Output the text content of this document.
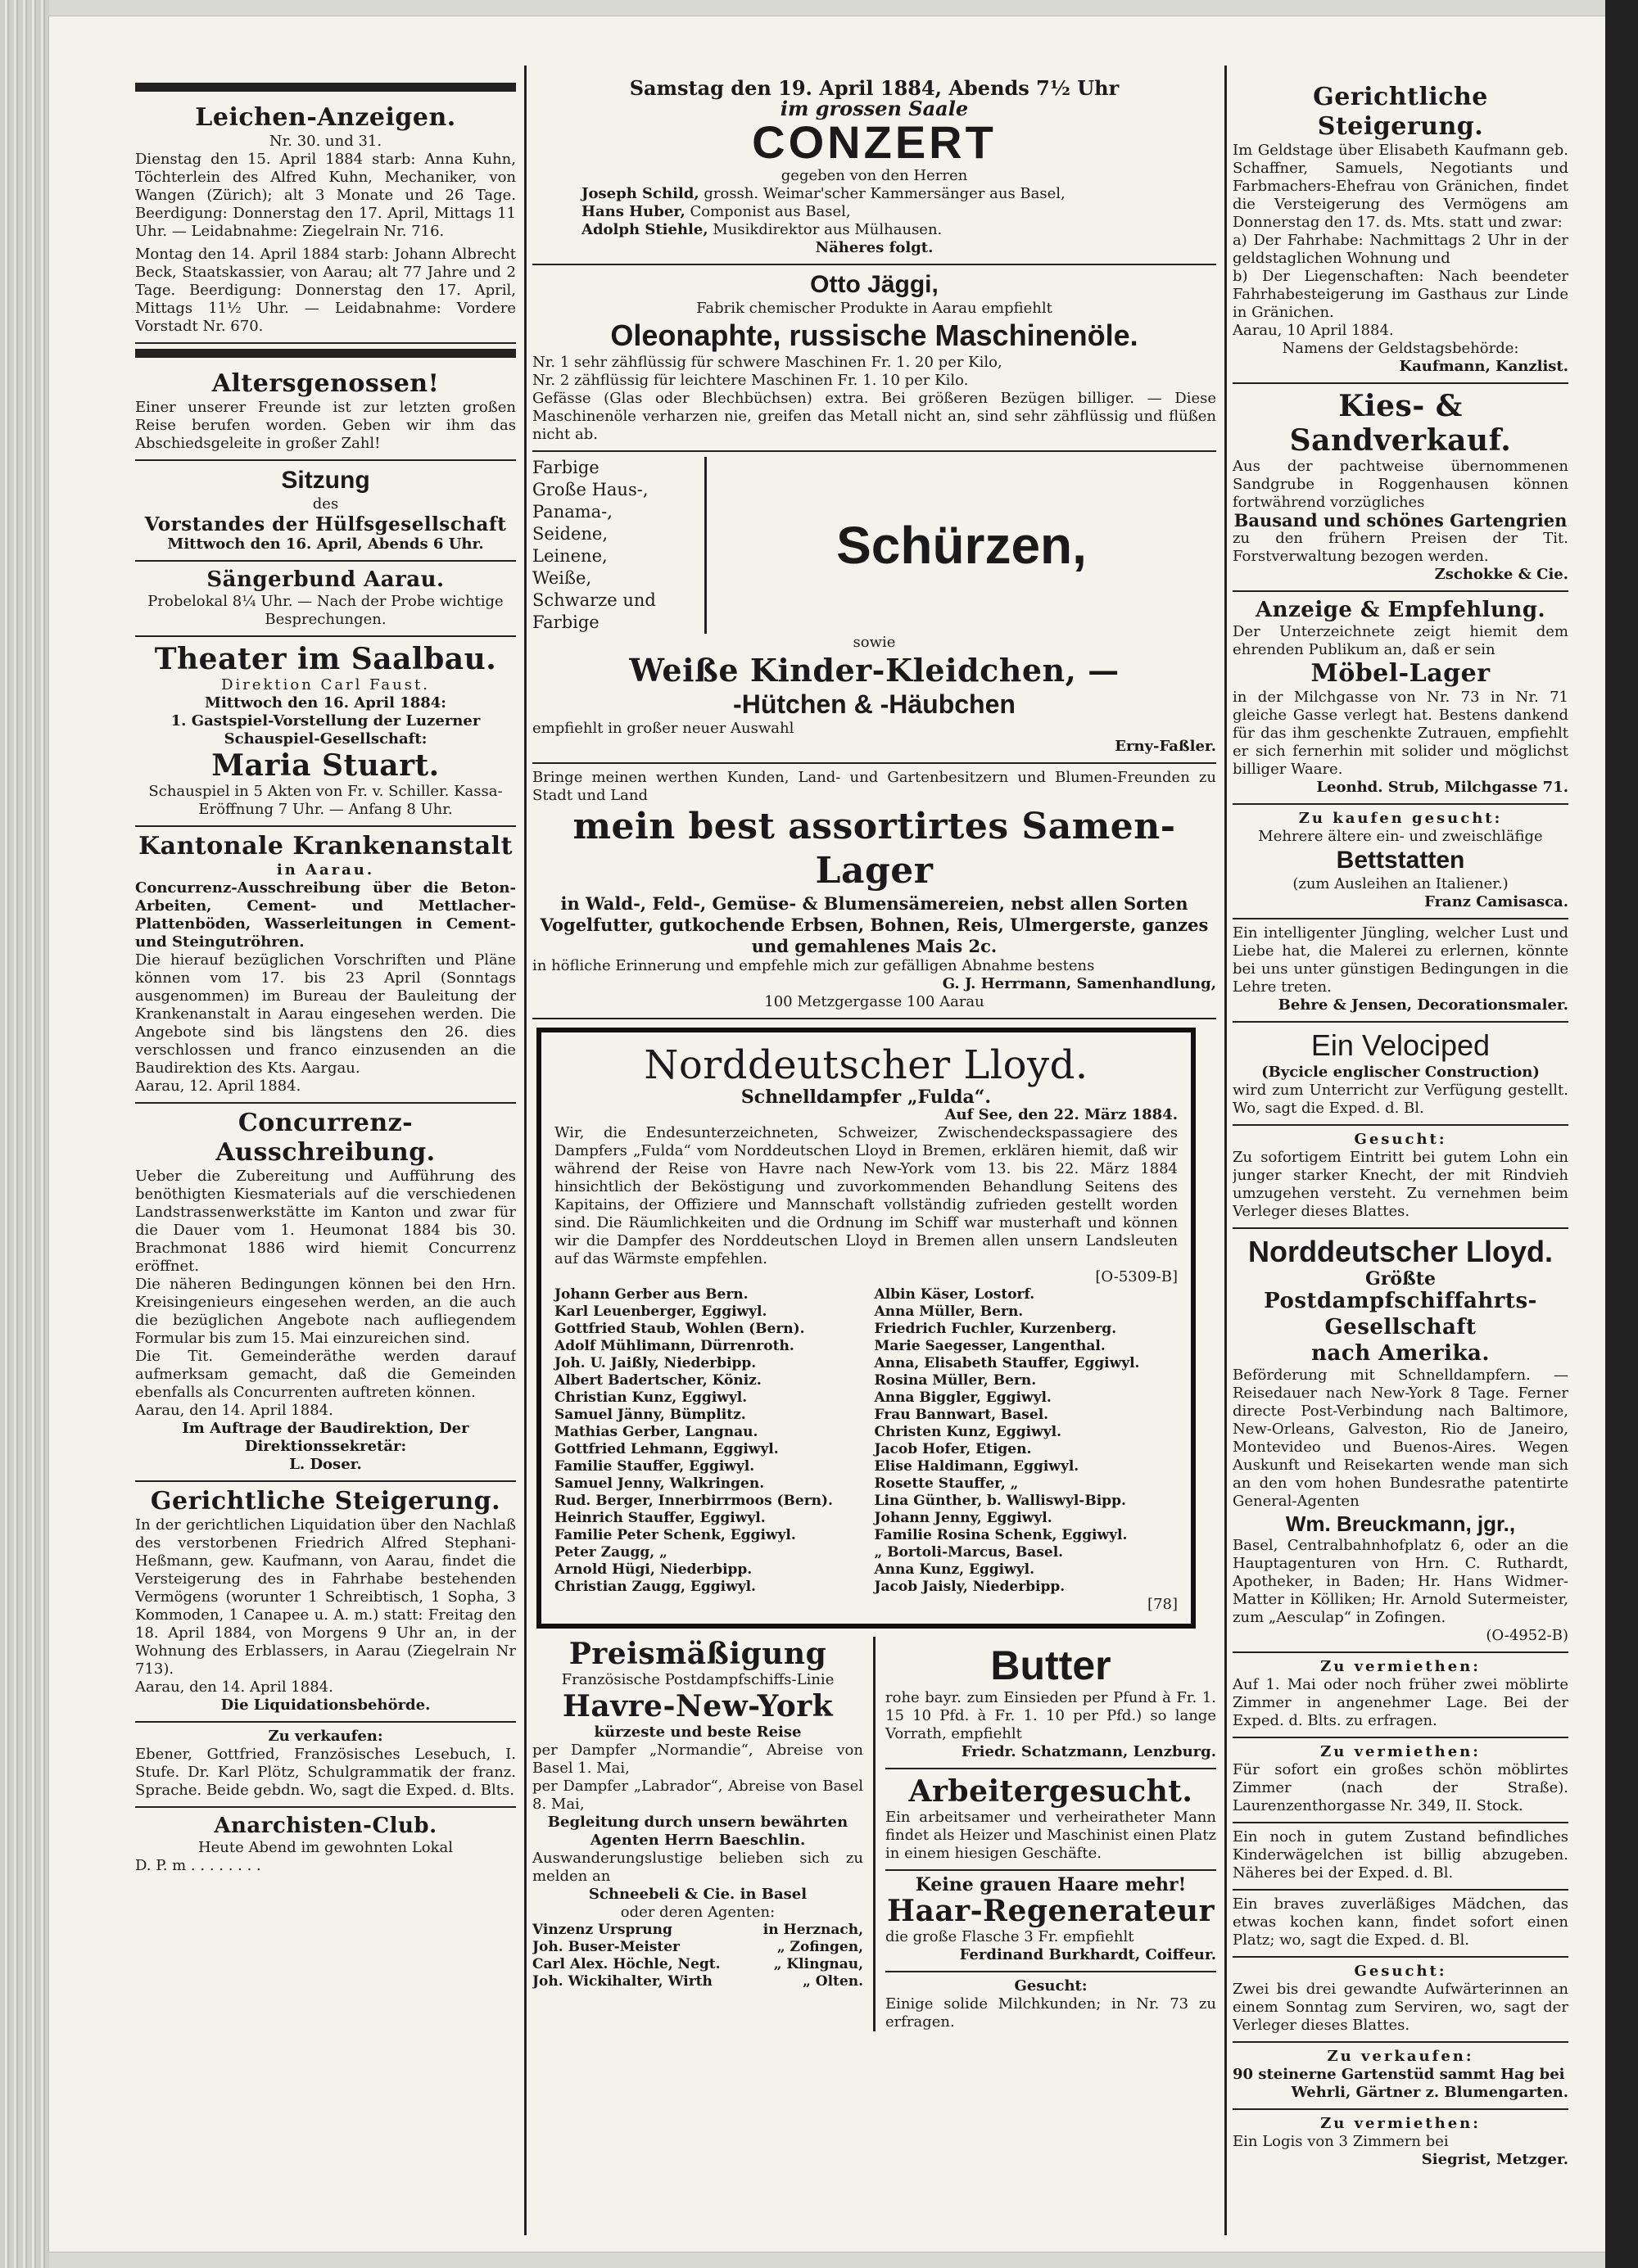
Leichen-Anzeigen.

Nr. 30. und 31.

Dienstag den 15. April 1884 starb: Anna Kuhn, Töchterlein des Alfred Kuhn, Mechaniker, von Wangen (Zürich); alt 3 Monate und 26 Tage. Beerdigung: Donnerstag den 17. April, Mittags 11 Uhr. — Leidabnahme: Ziegelrain Nr. 716.

Montag den 14. April 1884 starb: Johann Albrecht Beck, Staatskassier, von Aarau; alt 77 Jahre und 2 Tage. Beerdigung: Donnerstag den 17. April, Mittags 11½ Uhr. — Leidabnahme: Vordere Vorstadt Nr. 670.

Altersgenossen!

Einer unserer Freunde ist zur letzten großen Reise berufen worden. Geben wir ihm das Abschiedsgeleite in großer Zahl!

Sitzung

des

Vorstandes der Hülfsgesellschaft

Mittwoch den 16. April, Abends 6 Uhr.

Sängerbund Aarau.

Probelokal 8¼ Uhr. — Nach der Probe wichtige Besprechungen.

Theater im Saalbau.

Direktion Carl Faust.

Mittwoch den 16. April 1884:

1. Gastspiel-Vorstellung der Luzerner Schauspiel-Gesellschaft:

Maria Stuart.

Schauspiel in 5 Akten von Fr. v. Schiller. Kassa-Eröffnung 7 Uhr. — Anfang 8 Uhr.

Kantonale Krankenanstalt

in Aarau.

Concurrenz-Ausschreibung über die Beton-Arbeiten, Cement- und Mettlacher-Plattenböden, Wasserleitungen in Cement- und Steingutröhren.

Die hierauf bezüglichen Vorschriften und Pläne können vom 17. bis 23 April (Sonntags ausgenommen) im Bureau der Bauleitung der Krankenanstalt in Aarau eingesehen werden. Die Angebote sind bis längstens den 26. dies verschlossen und franco einzusenden an die Baudirektion des Kts. Aargau.

Aarau, 12. April 1884.

Concurrenz-Ausschreibung.

Ueber die Zubereitung und Aufführung des benöthigten Kiesmaterials auf die verschiedenen Landstrassenwerkstätte im Kanton und zwar für die Dauer vom 1. Heumonat 1884 bis 30. Brachmonat 1886 wird hiemit Concurrenz eröffnet.

Die näheren Bedingungen können bei den Hrn. Kreisingenieurs eingesehen werden, an die auch die bezüglichen Angebote nach aufliegendem Formular bis zum 15. Mai einzureichen sind.

Die Tit. Gemeinderäthe werden darauf aufmerksam gemacht, daß die Gemeinden ebenfalls als Concurrenten auftreten können.

Aarau, den 14. April 1884.

Im Auftrage der Baudirektion, Der Direktionssekretär:

L. Doser.

Gerichtliche Steigerung.

In der gerichtlichen Liquidation über den Nachlaß des verstorbenen Friedrich Alfred Stephani-Heßmann, gew. Kaufmann, von Aarau, findet die Versteigerung des in Fahrhabe bestehenden Vermögens (worunter 1 Schreibtisch, 1 Sopha, 3 Kommoden, 1 Canapee u. A. m.) statt: Freitag den 18. April 1884, von Morgens 9 Uhr an, in der Wohnung des Erblassers, in Aarau (Ziegelrain Nr 713).

Aarau, den 14. April 1884.

Die Liquidationsbehörde.

Zu verkaufen:

Ebener, Gottfried, Französisches Lesebuch, I. Stufe. Dr. Karl Plötz, Schulgrammatik der franz. Sprache. Beide gebdn. Wo, sagt die Exped. d. Blts.

Anarchisten-Club.

Heute Abend im gewohnten Lokal

D. P. m . . . . . . . .

Samstag den 19. April 1884, Abends 7½ Uhr

im grossen Saale

CONZERT

gegeben von den Herren

Joseph Schild, grossh. Weimar'scher Kammersänger aus Basel,

Hans Huber, Componist aus Basel,

Adolph Stiehle, Musikdirektor aus Mülhausen.

Näheres folgt.

Otto Jäggi,

Fabrik chemischer Produkte in Aarau empfiehlt

Oleonaphte, russische Maschinenöle.

Nr. 1 sehr zähflüssig für schwere Maschinen Fr. 1. 20 per Kilo,

Nr. 2 zähflüssig für leichtere Maschinen Fr. 1. 10 per Kilo.

Gefässe (Glas oder Blechbüchsen) extra. Bei größeren Bezügen billiger. — Diese Maschinenöle verharzen nie, greifen das Metall nicht an, sind sehr zähflüssig und flüßen nicht ab.

Farbige
Große Haus-,
Panama-,
Seidene,
Leinene,
Weiße,
Schwarze und
Farbige
Schürzen,

sowie

Weiße Kinder-Kleidchen, —
-Hütchen & -Häubchen

empfiehlt in großer neuer Auswahl

Erny-Faßler.

Bringe meinen werthen Kunden, Land- und Gartenbesitzern und Blumen-Freunden zu Stadt und Land

mein best assortirtes Samen-Lager

in Wald-, Feld-, Gemüse- & Blumensämereien, nebst allen Sorten Vogelfutter, gutkochende Erbsen, Bohnen, Reis, Ulmergerste, ganzes und gemahlenes Mais 2c.

in höfliche Erinnerung und empfehle mich zur gefälligen Abnahme bestens

G. J. Herrmann, Samenhandlung,

100 Metzgergasse 100 Aarau

Norddeutscher Lloyd.

Schnelldampfer „Fulda“.

Auf See, den 22. März 1884.

Wir, die Endesunterzeichneten, Schweizer, Zwischendeckspassagiere des Dampfers „Fulda“ vom Norddeutschen Lloyd in Bremen, erklären hiemit, daß wir während der Reise von Havre nach New-York vom 13. bis 22. März 1884 hinsichtlich der Beköstigung und zuvorkommenden Behandlung Seitens des Kapitains, der Offiziere und Mannschaft vollständig zufrieden gestellt worden sind. Die Räumlichkeiten und die Ordnung im Schiff war musterhaft und können wir die Dampfer des Norddeutschen Lloyd in Bremen allen unsern Landsleuten auf das Wärmste empfehlen.

[O-5309-B]

Johann Gerber aus Bern.
Karl Leuenberger, Eggiwyl.
Gottfried Staub, Wohlen (Bern).
Adolf Mühlimann, Dürrenroth.
Joh. U. Jaißly, Niederbipp.
Albert Badertscher, Köniz.
Christian Kunz, Eggiwyl.
Samuel Jänny, Bümplitz.
Mathias Gerber, Langnau.
Gottfried Lehmann, Eggiwyl.
Familie Stauffer, Eggiwyl.
Samuel Jenny, Walkringen.
Rud. Berger, Innerbirrmoos (Bern).
Heinrich Stauffer, Eggiwyl.
Familie Peter Schenk, Eggiwyl.
Peter Zaugg, „
Arnold Hügi, Niederbipp.
Christian Zaugg, Eggiwyl.
Albin Käser, Lostorf.
Anna Müller, Bern.
Friedrich Fuchler, Kurzenberg.
Marie Saegesser, Langenthal.
Anna, Elisabeth Stauffer, Eggiwyl.
Rosina Müller, Bern.
Anna Biggler, Eggiwyl.
Frau Bannwart, Basel.
Christen Kunz, Eggiwyl.
Jacob Hofer, Etigen.
Elise Haldimann, Eggiwyl.
Rosette Stauffer, „
Lina Günther, b. Walliswyl-Bipp.
Johann Jenny, Eggiwyl.
Familie Rosina Schenk, Eggiwyl.
„ Bortoli-Marcus, Basel.
Anna Kunz, Eggiwyl.
Jacob Jaisly, Niederbipp.

[78]

Preismäßigung

Französische Postdampfschiffs-Linie

Havre-New-York

kürzeste und beste Reise

per Dampfer „Normandie“, Abreise von Basel 1. Mai,

per Dampfer „Labrador“, Abreise von Basel 8. Mai,

Begleitung durch unsern bewährten Agenten Herrn Baeschlin.

Auswanderungslustige belieben sich zu melden an

Schneebeli & Cie. in Basel

oder deren Agenten:

Vinzenz Ursprung	in Herznach,
Joh. Buser-Meister	„ Zofingen,
Carl Alex. Höchle, Negt.	„ Klingnau,
Joh. Wickihalter, Wirth	„ Olten.
Butter

rohe bayr. zum Einsieden per Pfund à Fr. 1. 15 10 Pfd. à Fr. 1. 10 per Pfd.) so lange Vorrath, empfiehlt

Friedr. Schatzmann, Lenzburg.

Arbeitergesucht.

Ein arbeitsamer und verheiratheter Mann findet als Heizer und Maschinist einen Platz in einem hiesigen Geschäfte.

Keine grauen Haare mehr!

Haar-Regenerateur

die große Flasche 3 Fr. empfiehlt

Ferdinand Burkhardt, Coiffeur.

Gesucht:

Einige solide Milchkunden; in Nr. 73 zu erfragen.

Gerichtliche Steigerung.

Im Geldstage über Elisabeth Kaufmann geb. Schaffner, Samuels, Negotiants und Farbmachers-Ehefrau von Gränichen, findet die Versteigerung des Vermögens am Donnerstag den 17. ds. Mts. statt und zwar:

a) Der Fahrhabe: Nachmittags 2 Uhr in der geldstaglichen Wohnung und

b) Der Liegenschaften: Nach beendeter Fahrhabesteigerung im Gasthaus zur Linde in Gränichen.

Aarau, 10 April 1884.

Namens der Geldstagsbehörde:

Kaufmann, Kanzlist.

Kies- & Sandverkauf.

Aus der pachtweise übernommenen Sandgrube in Roggenhausen können fortwährend vorzügliches

Bausand und schönes Gartengrien

zu den frühern Preisen der Tit. Forstverwaltung bezogen werden.

Zschokke & Cie.

Anzeige & Empfehlung.

Der Unterzeichnete zeigt hiemit dem ehrenden Publikum an, daß er sein

Möbel-Lager

in der Milchgasse von Nr. 73 in Nr. 71 gleiche Gasse verlegt hat. Bestens dankend für das ihm geschenkte Zutrauen, empfiehlt er sich fernerhin mit solider und möglichst billiger Waare.

Leonhd. Strub, Milchgasse 71.

Zu kaufen gesucht:

Mehrere ältere ein- und zweischläfige

Bettstatten

(zum Ausleihen an Italiener.)

Franz Camisasca.

Ein intelligenter Jüngling, welcher Lust und Liebe hat, die Malerei zu erlernen, könnte bei uns unter günstigen Bedingungen in die Lehre treten.

Behre & Jensen, Decorationsmaler.

Ein Velociped

(Bycicle englischer Construction)

wird zum Unterricht zur Verfügung gestellt. Wo, sagt die Exped. d. Bl.

Gesucht:

Zu sofortigem Eintritt bei gutem Lohn ein junger starker Knecht, der mit Rindvieh umzugehen versteht. Zu vernehmen beim Verleger dieses Blattes.

Norddeutscher Lloyd.

Größte

Postdampfschiffahrts-Gesellschaft
nach Amerika.

Beförderung mit Schnelldampfern. — Reisedauer nach New-York 8 Tage. Ferner directe Post-Verbindung nach Baltimore, New-Orleans, Galveston, Rio de Janeiro, Montevideo und Buenos-Aires. Wegen Auskunft und Reisekarten wende man sich an den vom hohen Bundesrathe patentirte General-Agenten

Wm. Breuckmann, jgr.,

Basel, Centralbahnhofplatz 6, oder an die Hauptagenturen von Hrn. C. Ruthardt, Apotheker, in Baden; Hr. Hans Widmer-Matter in Kölliken; Hr. Arnold Sutermeister, zum „Aesculap“ in Zofingen.

(O-4952-B)

Zu vermiethen:

Auf 1. Mai oder noch früher zwei möblirte Zimmer in angenehmer Lage. Bei der Exped. d. Blts. zu erfragen.

Zu vermiethen:

Für sofort ein großes schön möblirtes Zimmer (nach der Straße). Laurenzenthorgasse Nr. 349, II. Stock.

Ein noch in gutem Zustand befindliches Kinderwägelchen ist billig abzugeben. Näheres bei der Exped. d. Bl.

Ein braves zuverläßiges Mädchen, das etwas kochen kann, findet sofort einen Platz; wo, sagt die Exped. d. Bl.

Gesucht:

Zwei bis drei gewandte Aufwärterinnen an einem Sonntag zum Serviren, wo, sagt der Verleger dieses Blattes.

Zu verkaufen:

90 steinerne Gartenstüd sammt Hag bei

Wehrli, Gärtner z. Blumengarten.

Zu vermiethen:

Ein Logis von 3 Zimmern bei

Siegrist, Metzger.
